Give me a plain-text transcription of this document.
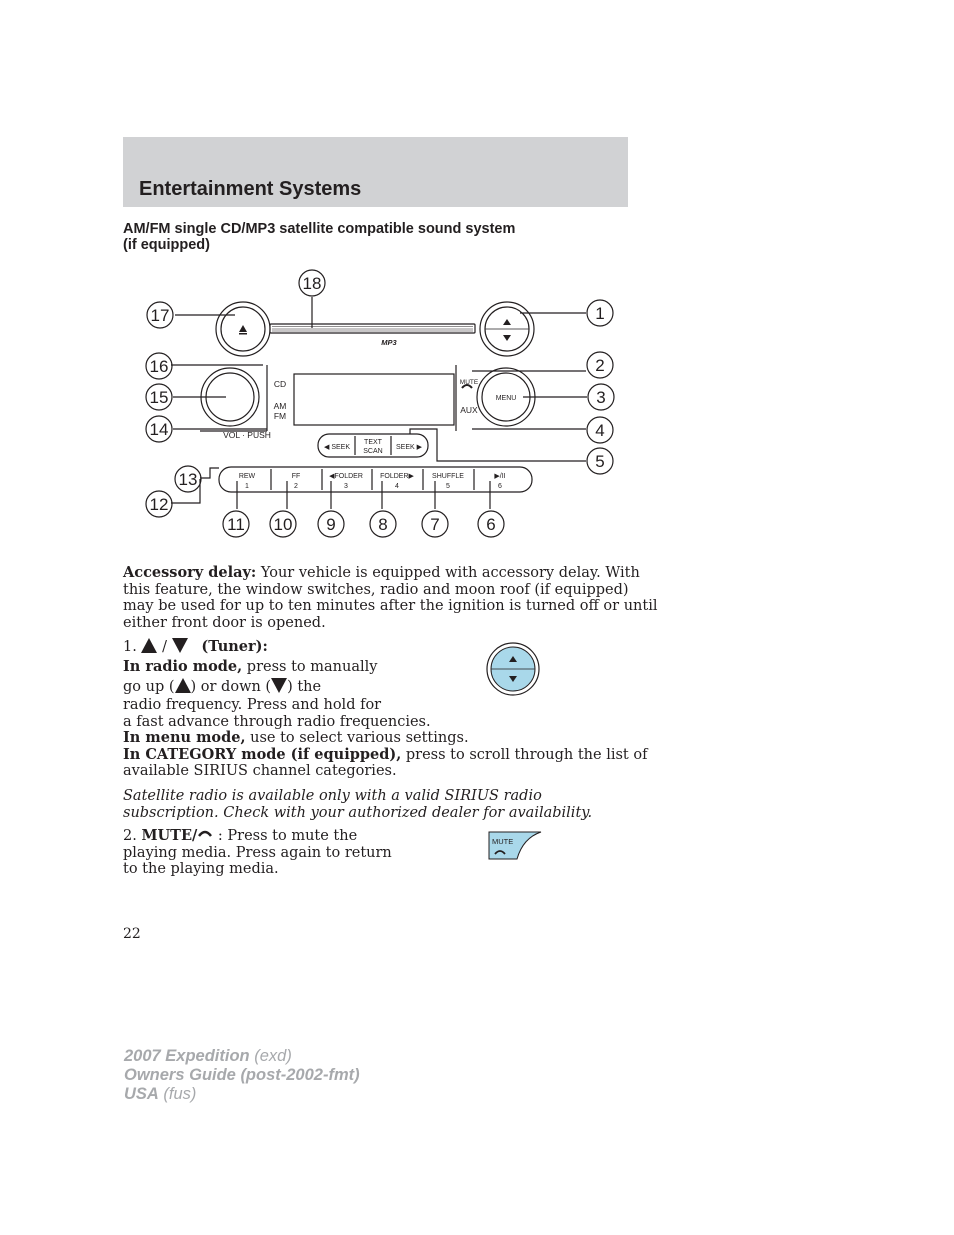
Entertainment Systems
AM/FM single CD/MP3 satellite compatible sound system
(if equipped)
MP3
CD
AM
FM
VOL · PUSH
MUTE
MENU
AUX
◀ SEEK
TEXT
SCAN
SEEK ▶
REW
1
FF
2
◀FOLDER
3
FOLDER▶
4
SHUFFLE
5
▶/II
6
18
17	1
16	2
15	3
14	4
5
13
12
11 10 9	8	7	6
Accessory delay: Your vehicle is equipped with accessory delay. With
this feature, the window switches, radio and moon roof (if equipped)
may be used for up to ten minutes after the ignition is turned off or until
either front door is opened.
1. / (Tuner):
In radio mode, press to manually
go up ( ) or down ( ) the
radio frequency. Press and hold for
a fast advance through radio frequencies.
In menu mode, use to select various settings.
In CATEGORY mode (if equipped), press to scroll through the list of
available SIRIUS channel categories.
Satellite radio is available only with a valid SIRIUS radio
subscription. Check with your authorized dealer for availability.
2. MUTE/ : Press to mute the
playing media. Press again to return
to the playing media.
MUTE
22
2007 Expedition (exd)
Owners Guide (post-2002-fmt)
USA (fus)
